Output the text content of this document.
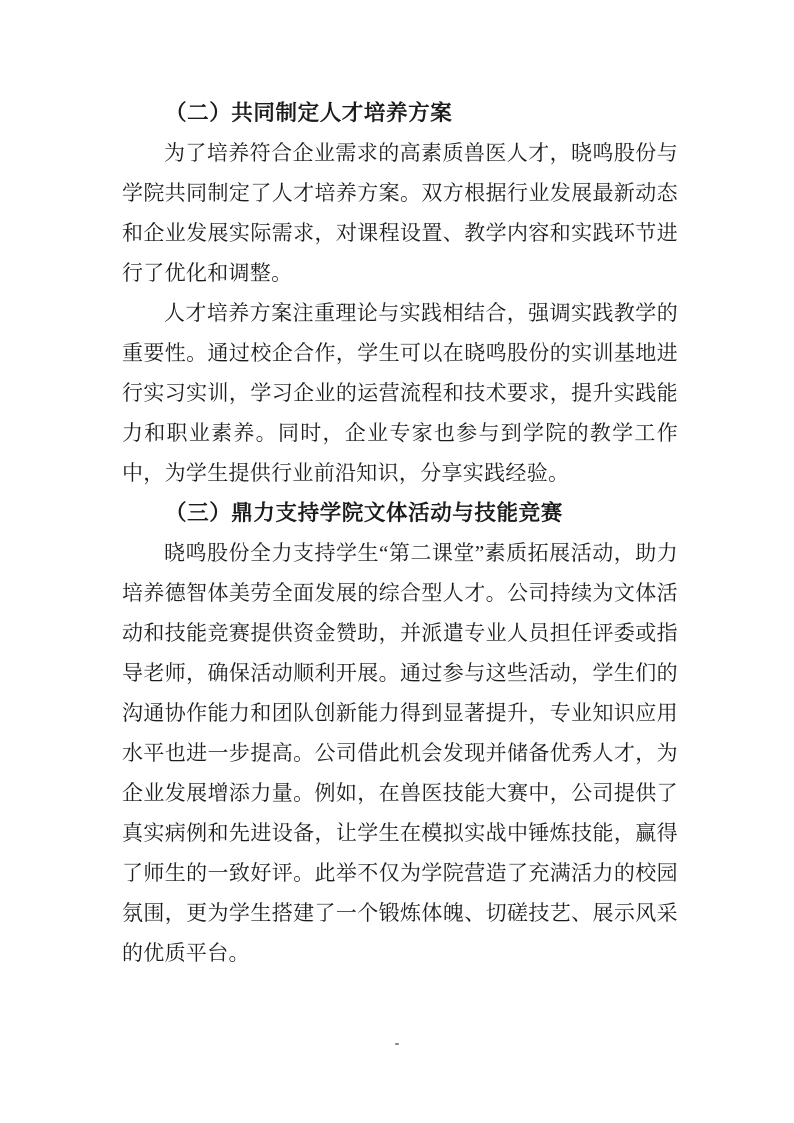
（二）共同制定人才培养方案

为了培养符合企业需求的高素质兽医人才，晓鸣股份与学院共同制定了人才培养方案。双方根据行业发展最新动态和企业发展实际需求，对课程设置、教学内容和实践环节进行了优化和调整。

人才培养方案注重理论与实践相结合，强调实践教学的重要性。通过校企合作，学生可以在晓鸣股份的实训基地进行实习实训，学习企业的运营流程和技术要求，提升实践能力和职业素养。同时，企业专家也参与到学院的教学工作中，为学生提供行业前沿知识，分享实践经验。

（三）鼎力支持学院文体活动与技能竞赛

晓鸣股份全力支持学生“第二课堂”素质拓展活动，助力培养德智体美劳全面发展的综合型人才。公司持续为文体活动和技能竞赛提供资金赞助，并派遣专业人员担任评委或指导老师，确保活动顺利开展。通过参与这些活动，学生们的沟通协作能力和团队创新能力得到显著提升，专业知识应用水平也进一步提高。公司借此机会发现并储备优秀人才，为企业发展增添力量。例如，在兽医技能大赛中，公司提供了真实病例和先进设备，让学生在模拟实战中锤炼技能，赢得了师生的一致好评。此举不仅为学院营造了充满活力的校园氛围，更为学生搭建了一个锻炼体魄、切磋技艺、展示风采的优质平台。

-
